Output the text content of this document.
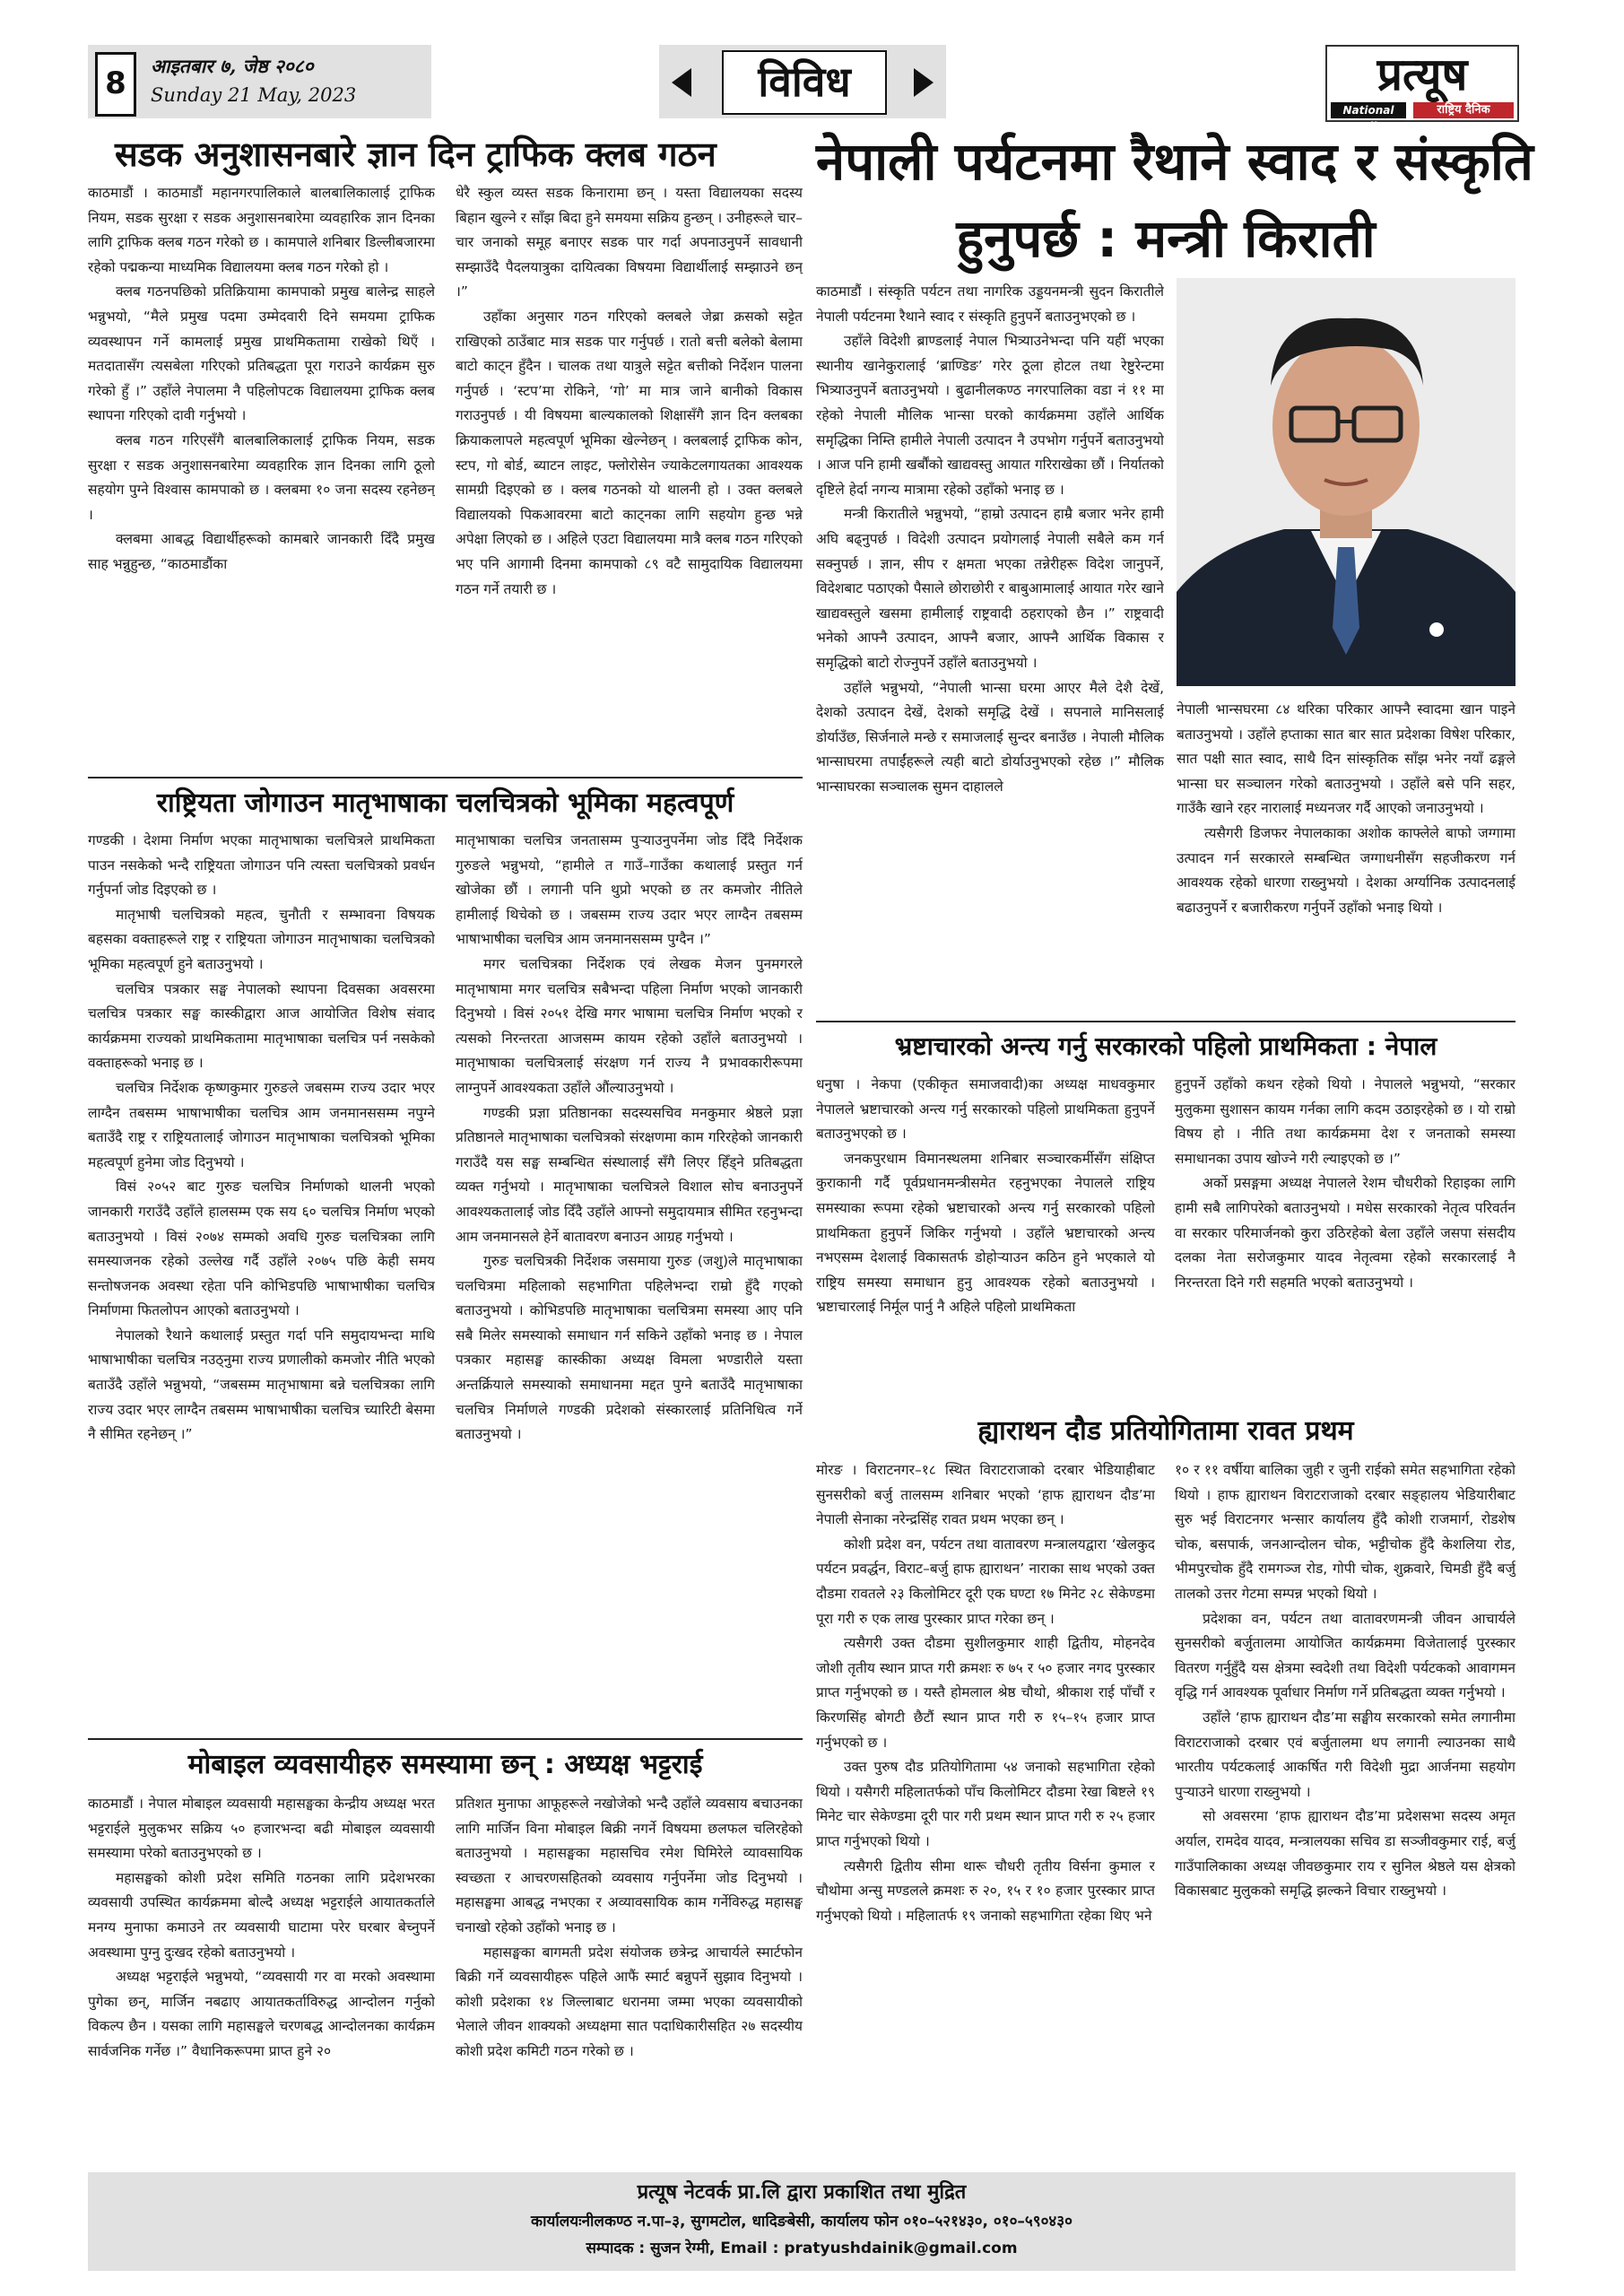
8	आइतबार ७, जेष्ठ २०८०
Sunday 21 May, 2023	विविध	प्रत्यूष
National Daily
राष्ट्रिय दैनिक
सडक अनुशासनबारे ज्ञान दिन ट्राफिक क्लब गठन

काठमाडौं । काठमाडौं महानगरपालिकाले बालबालिकालाई ट्राफिक नियम, सडक सुरक्षा र सडक अनुशासनबारेमा व्यवहारिक ज्ञान दिनका लागि ट्राफिक क्लब गठन गरेको छ । कामपाले शनिबार डिल्लीबजारमा रहेको पद्मकन्या माध्यमिक विद्यालयमा क्लब गठन गरेको हो ।

क्लब गठनपछिको प्रतिक्रियामा कामपाको प्रमुख बालेन्द्र साहले भन्नुभयो, “मैले प्रमुख पदमा उम्मेदवारी दिने समयमा ट्राफिक व्यवस्थापन गर्ने कामलाई प्रमुख प्राथमिकतामा राखेको थिएँ । मतदातासँग त्यसबेला गरिएको प्रतिबद्धता पूरा गराउने कार्यक्रम सुरु गरेको हुँ ।” उहाँले नेपालमा नै पहिलोपटक विद्यालयमा ट्राफिक क्लब स्थापना गरिएको दावी गर्नुभयो ।

क्लब गठन गरिएसँगै बालबालिकालाई ट्राफिक नियम, सडक सुरक्षा र सडक अनुशासनबारेमा व्यवहारिक ज्ञान दिनका लागि ठूलो सहयोग पुग्ने विश्वास कामपाको छ । क्लबमा १० जना सदस्य रहनेछन् ।

क्लबमा आबद्ध विद्यार्थीहरूको कामबारे जानकारी दिँदै प्रमुख साह भन्नुहुन्छ, “काठमाडौंका

धेरै स्कुल व्यस्त सडक किनारामा छन् । यस्ता विद्यालयका सदस्य बिहान खुल्ने र साँझ बिदा हुने समयमा सक्रिय हुन्छन् । उनीहरूले चार–चार जनाको समूह बनाएर सडक पार गर्दा अपनाउनुपर्ने सावधानी सम्झाउँदै पैदलयात्रुका दायित्वका विषयमा विद्यार्थीलाई सम्झाउने छन् ।”

उहाँका अनुसार गठन गरिएको क्लबले जेब्रा क्रसको सट्टेत राखिएको ठाउँबाट मात्र सडक पार गर्नुपर्छ । रातो बत्ती बलेको बेलामा बाटो काट्न हुँदैन । चालक तथा यात्रुले सट्टेत बत्तीको निर्देशन पालना गर्नुपर्छ । ‘स्टप’मा रोकिने, ‘गो’ मा मात्र जाने बानीको विकास गराउनुपर्छ । यी विषयमा बाल्यकालको शिक्षासँगै ज्ञान दिन क्लबका क्रियाकलापले महत्वपूर्ण भूमिका खेल्नेछन् । क्लबलाई ट्राफिक कोन, स्टप, गो बोर्ड, ब्याटन लाइट, फ्लोरोसेन ज्याकेटलगायतका आवश्यक सामग्री दिइएको छ । क्लब गठनको यो थालनी हो । उक्त क्लबले विद्यालयको पिकआवरमा बाटो काट्नका लागि सहयोग हुन्छ भन्ने अपेक्षा लिएको छ । अहिले एउटा विद्यालयमा मात्रै क्लब गठन गरिएको भए पनि आगामी दिनमा कामपाको ८९ वटै सामुदायिक विद्यालयमा गठन गर्ने तयारी छ ।

नेपाली पर्यटनमा रैथाने स्वाद र संस्कृति
हुनुपर्छ : मन्त्री किराती

काठमाडौं । संस्कृति पर्यटन तथा नागरिक उड्डयनमन्त्री सुदन किरातीले नेपाली पर्यटनमा रैथाने स्वाद र संस्कृति हुनुपर्ने बताउनुभएको छ ।

उहाँले विदेशी ब्राण्डलाई नेपाल भित्र्याउनेभन्दा पनि यहीं भएका स्थानीय खानेकुरालाई ‘ब्राण्डिङ’ गरेर ठूला होटल तथा रेष्टुरेन्टमा भित्र्याउनुपर्ने बताउनुभयो । बुढानीलकण्ठ नगरपालिका वडा नं ११ मा रहेको नेपाली मौलिक भान्सा घरको कार्यक्रममा उहाँले आर्थिक समृद्धिका निम्ति हामीले नेपाली उत्पादन नै उपभोग गर्नुपर्ने बताउनुभयो । आज पनि हामी खर्बौंको खाद्यवस्तु आयात गरिराखेका छौं । निर्यातको दृष्टिले हेर्दा नगन्य मात्रामा रहेको उहाँको भनाइ छ ।

मन्त्री किरातीले भन्नुभयो, “हाम्रो उत्पादन हाम्रै बजार भनेर हामी अघि बढ्नुपर्छ । विदेशी उत्पादन प्रयोगलाई नेपाली सबैले कम गर्न सक्नुपर्छ । ज्ञान, सीप र क्षमता भएका तन्नेरीहरू विदेश जानुपर्ने, विदेशबाट पठाएको पैसाले छोराछोरी र बाबुआमालाई आयात गरेर खाने खाद्यवस्तुले खसमा हामीलाई राष्ट्रवादी ठहराएको छैन ।” राष्ट्रवादी भनेको आफ्नै उत्पादन, आफ्नै बजार, आफ्नै आर्थिक विकास र समृद्धिको बाटो रोज्नुपर्ने उहाँले बताउनुभयो ।

उहाँले भन्नुभयो, “नेपाली भान्सा घरमा आएर मैले देशै देखें, देशको उत्पादन देखें, देशको समृद्धि देखें । सपनाले मानिसलाई डोर्याउँछ, सिर्जनाले मन्छे र समाजलाई सुन्दर बनाउँछ । नेपाली मौलिक भान्साघरमा तपाईंहरूले त्यही बाटो डोर्याउनुभएको रहेछ ।” मौलिक भान्साघरका सञ्चालक सुमन दाहालले

नेपाली भान्सघरमा ८४ थरिका परिकार आफ्नै स्वादमा खान पाइने बताउनुभयो । उहाँले हप्ताका सात बार सात प्रदेशका विषेश परिकार, सात पक्षी सात स्वाद, साथै दिन सांस्कृतिक साँझ भनेर नयाँ ढङ्गले भान्सा घर सञ्चालन गरेको बताउनुभयो । उहाँले बसे पनि सहर, गाउँकै खाने रहर नारालाई मध्यनजर गर्दै आएको जनाउनुभयो ।

त्यसैगरी डिजफर नेपालकाका अशोक काफ्लेले बाफो जग्गामा उत्पादन गर्न सरकारले सम्बन्धित जग्गाधनीसँग सहजीकरण गर्न आवश्यक रहेको धारणा राख्नुभयो । देशका अर्ग्यानिक उत्पादनलाई बढाउनुपर्ने र बजारीकरण गर्नुपर्ने उहाँको भनाइ थियो ।

राष्ट्रियता जोगाउन मातृभाषाका चलचित्रको भूमिका महत्वपूर्ण

गण्डकी । देशमा निर्माण भएका मातृभाषाका चलचित्रले प्राथमिकता पाउन नसकेको भन्दै राष्ट्रियता जोगाउन पनि त्यस्ता चलचित्रको प्रवर्धन गर्नुपर्ना जोड दिइएको छ ।

मातृभाषी चलचित्रको महत्व, चुनौती र सम्भावना विषयक बहसका वक्ताहरूले राष्ट्र र राष्ट्रियता जोगाउन मातृभाषाका चलचित्रको भूमिका महत्वपूर्ण हुने बताउनुभयो ।

चलचित्र पत्रकार सङ्घ नेपालको स्थापना दिवसका अवसरमा चलचित्र पत्रकार सङ्घ कास्कीद्वारा आज आयोजित विशेष संवाद कार्यक्रममा राज्यको प्राथमिकतामा मातृभाषाका चलचित्र पर्न नसकेको वक्ताहरूको भनाइ छ ।

चलचित्र निर्देशक कृष्णकुमार गुरुङले जबसम्म राज्य उदार भएर लाग्दैन तबसम्म भाषाभाषीका चलचित्र आम जनमानससम्म नपुग्ने बताउँदै राष्ट्र र राष्ट्रियतालाई जोगाउन मातृभाषाका चलचित्रको भूमिका महत्वपूर्ण हुनेमा जोड दिनुभयो ।

विसं २०५२ बाट गुरुङ चलचित्र निर्माणको थालनी भएको जानकारी गराउँदै उहाँले हालसम्म एक सय ६० चलचित्र निर्माण भएको बताउनुभयो । विसं २०७४ सम्मको अवधि गुरुङ चलचित्रका लागि समस्याजनक रहेको उल्लेख गर्दै उहाँले २०७५ पछि केही समय सन्तोषजनक अवस्था रहेता पनि कोभिडपछि भाषाभाषीका चलचित्र निर्माणमा फितलोपन आएको बताउनुभयो ।

नेपालको रैथाने कथालाई प्रस्तुत गर्दा पनि समुदायभन्दा माथि भाषाभाषीका चलचित्र नउठ्नुमा राज्य प्रणालीको कमजोर नीति भएको बताउँदै उहाँले भन्नुभयो, “जबसम्म मातृभाषामा बन्ने चलचित्रका लागि राज्य उदार भएर लाग्दैन तबसम्म भाषाभाषीका चलचित्र च्यारिटी बेसमा नै सीमित रहनेछन् ।”

मातृभाषाका चलचित्र जनतासम्म पुऱ्याउनुपर्नेमा जोड दिँदै निर्देशक गुरुङले भन्नुभयो, “हामीले त गाउँ–गाउँका कथालाई प्रस्तुत गर्न खोजेका छौं । लगानी पनि थुप्रो भएको छ तर कमजोर नीतिले हामीलाई थिचेको छ । जबसम्म राज्य उदार भएर लाग्दैन तबसम्म भाषाभाषीका चलचित्र आम जनमानससम्म पुग्दैन ।”

मगर चलचित्रका निर्देशक एवं लेखक मेजन पुनमगरले मातृभाषामा मगर चलचित्र सबैभन्दा पहिला निर्माण भएको जानकारी दिनुभयो । विसं २०५१ देखि मगर भाषामा चलचित्र निर्माण भएको र त्यसको निरन्तरता आजसम्म कायम रहेको उहाँले बताउनुभयो । मातृभाषाका चलचित्रलाई संरक्षण गर्न राज्य नै प्रभावकारीरूपमा लाग्नुपर्ने आवश्यकता उहाँले औंल्याउनुभयो ।

गण्डकी प्रज्ञा प्रतिष्ठानका सदस्यसचिव मनकुमार श्रेष्ठले प्रज्ञा प्रतिष्ठानले मातृभाषाका चलचित्रको संरक्षणमा काम गरिरहेको जानकारी गराउँदै यस सङ्घ सम्बन्धित संस्थालाई सँगै लिएर हिँड्ने प्रतिबद्धता व्यक्त गर्नुभयो । मातृभाषाका चलचित्रले विशाल सोच बनाउनुपर्ने आवश्यकतालाई जोड दिँदै उहाँले आफ्नो समुदायमात्र सीमित रहनुभन्दा आम जनमानसले हेर्ने बातावरण बनाउन आग्रह गर्नुभयो ।

गुरुङ चलचित्रकी निर्देशक जसमाया गुरुङ (जशु)ले मातृभाषाका चलचित्रमा महिलाको सहभागिता पहिलेभन्दा राम्रो हुँदै गएको बताउनुभयो । कोभिडपछि मातृभाषाका चलचित्रमा समस्या आए पनि सबै मिलेर समस्याको समाधान गर्न सकिने उहाँको भनाइ छ । नेपाल पत्रकार महासङ्घ कास्कीका अध्यक्ष विमला भण्डारीले यस्ता अन्तर्क्रियाले समस्याको समाधानमा मद्दत पुग्ने बताउँदै मातृभाषाका चलचित्र निर्माणले गण्डकी प्रदेशको संस्कारलाई प्रतिनिधित्व गर्ने बताउनुभयो ।

भ्रष्टाचारको अन्त्य गर्नु सरकारको पहिलो प्राथमिकता : नेपाल

धनुषा । नेकपा (एकीकृत समाजवादी)का अध्यक्ष माधवकुमार नेपालले भ्रष्टाचारको अन्त्य गर्नु सरकारको पहिलो प्राथमिकता हुनुपर्ने बताउनुभएको छ ।

जनकपुरधाम विमानस्थलमा शनिबार सञ्चारकर्मीसँग संक्षिप्त कुराकानी गर्दै पूर्वप्रधानमन्त्रीसमेत रहनुभएका नेपालले राष्ट्रिय समस्याका रूपमा रहेको भ्रष्टाचारको अन्त्य गर्नु सरकारको पहिलो प्राथमिकता हुनुपर्ने जिकिर गर्नुभयो । उहाँले भ्रष्टाचारको अन्त्य नभएसम्म देशलाई विकासतर्फ डोहोऱ्याउन कठिन हुने भएकाले यो राष्ट्रिय समस्या समाधान हुनु आवश्यक रहेको बताउनुभयो । भ्रष्टाचारलाई निर्मूल पार्नु नै अहिले पहिलो प्राथमिकता

हुनुपर्ने उहाँको कथन रहेको थियो । नेपालले भन्नुभयो, “सरकार मुलुकमा सुशासन कायम गर्नका लागि कदम उठाइरहेको छ । यो राम्रो विषय हो । नीति तथा कार्यक्रममा देश र जनताको समस्या समाधानका उपाय खोज्ने गरी ल्याइएको छ ।”

अर्को प्रसङ्गमा अध्यक्ष नेपालले रेशम चौधरीको रिहाइका लागि हामी सबै लागिपरेको बताउनुभयो । मधेस सरकारको नेतृत्व परिवर्तन वा सरकार परिमार्जनको कुरा उठिरहेको बेला उहाँले जसपा संसदीय दलका नेता सरोजकुमार यादव नेतृत्वमा रहेको सरकारलाई नै निरन्तरता दिने गरी सहमति भएको बताउनुभयो ।

ह्याराथन दौड प्रतियोगितामा रावत प्रथम

मोरङ । विराटनगर–१८ स्थित विराटराजाको दरबार भेडियाहीबाट सुनसरीको बर्जु तालसम्म शनिबार भएको ‘हाफ ह्याराथन दौड’मा नेपाली सेनाका नरेन्द्रसिंह रावत प्रथम भएका छन् ।

कोशी प्रदेश वन, पर्यटन तथा वातावरण मन्त्रालयद्वारा ‘खेलकुद पर्यटन प्रवर्द्धन, विराट–बर्जु हाफ ह्याराथन’ नाराका साथ भएको उक्त दौडमा रावतले २३ किलोमिटर दूरी एक घण्टा १७ मिनेट २८ सेकेण्डमा पूरा गरी रु एक लाख पुरस्कार प्राप्त गरेका छन् ।

त्यसैगरी उक्त दौडमा सुशीलकुमार शाही द्वितीय, मोहनदेव जोशी तृतीय स्थान प्राप्त गरी क्रमशः रु ७५ र ५० हजार नगद पुरस्कार प्राप्त गर्नुभएको छ । यस्तै होमलाल श्रेष्ठ चौथो, श्रीकाश राई पाँचौं र किरणसिंह बोगटी छैटौं स्थान प्राप्त गरी रु १५–१५ हजार प्राप्त गर्नुभएको छ ।

उक्त पुरुष दौड प्रतियोगितामा ५४ जनाको सहभागिता रहेको थियो । यसैगरी महिलातर्फको पाँच किलोमिटर दौडमा रेखा बिष्टले १९ मिनेट चार सेकेण्डमा दूरी पार गरी प्रथम स्थान प्राप्त गरी रु २५ हजार प्राप्त गर्नुभएको थियो ।

त्यसैगरी द्वितीय सीमा थारू चौधरी तृतीय विर्सना कुमाल र चौथोमा अन्सु मण्डलले क्रमशः रु २०, १५ र १० हजार पुरस्कार प्राप्त गर्नुभएको थियो । महिलातर्फ १९ जनाको सहभागिता रहेका थिए भने

१० र ११ वर्षीया बालिका जुही र जुनी राईको समेत सहभागिता रहेको थियो । हाफ ह्याराथन विराटराजाको दरबार सङ्हालय भेडियारीबाट सुरु भई विराटनगर भन्सार कार्यालय हुँदै कोशी राजमार्ग, रोडशेष चोक, बसपार्क, जनआन्दोलन चोक, भट्टीचोक हुँदै केशलिया रोड, भीमपुरचोक हुँदै रामगञ्ज रोड, गोपी चोक, शुक्रवारे, चिमडी हुँदै बर्जु तालको उत्तर गेटमा सम्पन्न भएको थियो ।

प्रदेशका वन, पर्यटन तथा वातावरणमन्त्री जीवन आचार्यले सुनसरीको बर्जुतालमा आयोजित कार्यक्रममा विजेतालाई पुरस्कार वितरण गर्नुहुँदै यस क्षेत्रमा स्वदेशी तथा विदेशी पर्यटकको आवागमन वृद्धि गर्न आवश्यक पूर्वाधार निर्माण गर्ने प्रतिबद्धता व्यक्त गर्नुभयो ।

उहाँले ‘हाफ ह्याराथन दौड’मा सङ्घीय सरकारको समेत लगानीमा विराटराजाको दरबार एवं बर्जुतालमा थप लगानी ल्याउनका साथै भारतीय पर्यटकलाई आकर्षित गरी विदेशी मुद्रा आर्जनमा सहयोग पुऱ्याउने धारणा राख्नुभयो ।

सो अवसरमा ‘हाफ ह्याराथन दौड’मा प्रदेशसभा सदस्य अमृत अर्याल, रामदेव यादव, मन्त्रालयका सचिव डा सञ्जीवकुमार राई, बर्जु गाउँपालिकाका अध्यक्ष जीवछकुमार राय र सुनिल श्रेष्ठले यस क्षेत्रको विकासबाट मुलुकको समृद्धि झल्कने विचार राख्नुभयो ।

मोबाइल व्यवसायीहरु समस्यामा छन् : अध्यक्ष भट्टराई

काठमाडौं । नेपाल मोबाइल व्यवसायी महासङ्घका केन्द्रीय अध्यक्ष भरत भट्टराईले मुलुकभर सक्रिय ५० हजारभन्दा बढी मोबाइल व्यवसायी समस्यामा परेको बताउनुभएको छ ।

महासङ्घको कोशी प्रदेश समिति गठनका लागि प्रदेशभरका व्यवसायी उपस्थित कार्यक्रममा बोल्दै अध्यक्ष भट्टराईले आयातकर्ताले मनग्य मुनाफा कमाउने तर व्यवसायी घाटामा परेर घरबार बेच्नुपर्ने अवस्थामा पुग्नु दुःखद रहेको बताउनुभयो ।

अध्यक्ष भट्टराईले भन्नुभयो, “व्यवसायी गर वा मरको अवस्थामा पुगेका छन्, मार्जिन नबढाए आयातकर्ताविरुद्ध आन्दोलन गर्नुको विकल्प छैन । यसका लागि महासङ्घले चरणबद्ध आन्दोलनका कार्यक्रम सार्वजनिक गर्नेछ ।” वैधानिकरूपमा प्राप्त हुने २०

प्रतिशत मुनाफा आफूहरूले नखोजेको भन्दै उहाँले व्यवसाय बचाउनका लागि मार्जिन विना मोबाइल बिक्री नगर्ने विषयमा छलफल चलिरहेको बताउनुभयो । महासङ्घका महासचिव रमेश घिमिरेले व्यावसायिक स्वच्छता र आचरणसहितको व्यवसाय गर्नुपर्नेमा जोड दिनुभयो । महासङ्घमा आबद्ध नभएका र अव्यावसायिक काम गर्नेविरुद्ध महासङ्घ चनाखो रहेको उहाँको भनाइ छ ।

महासङ्घका बागमती प्रदेश संयोजक छत्रेन्द्र आचार्यले स्मार्टफोन बिक्री गर्ने व्यवसायीहरू पहिले आफैं स्मार्ट बन्नुपर्ने सुझाव दिनुभयो । कोशी प्रदेशका १४ जिल्लाबाट धरानमा जम्मा भएका व्यवसायीको भेलाले जीवन शाक्यको अध्यक्षमा सात पदाधिकारीसहित २७ सदस्यीय कोशी प्रदेश कमिटी गठन गरेको छ ।

प्रत्यूष नेटवर्क प्रा.लि द्वारा प्रकाशित तथा मुद्रित
कार्यालयःनीलकण्ठ न.पा–३, सुगमटोल, धादिङबेसी, कार्यालय फोन ०१०–५२१४३०, ०१०–५९०४३०
सम्पादक : सुजन रेग्मी, Email : pratyushdainik@gmail.com
